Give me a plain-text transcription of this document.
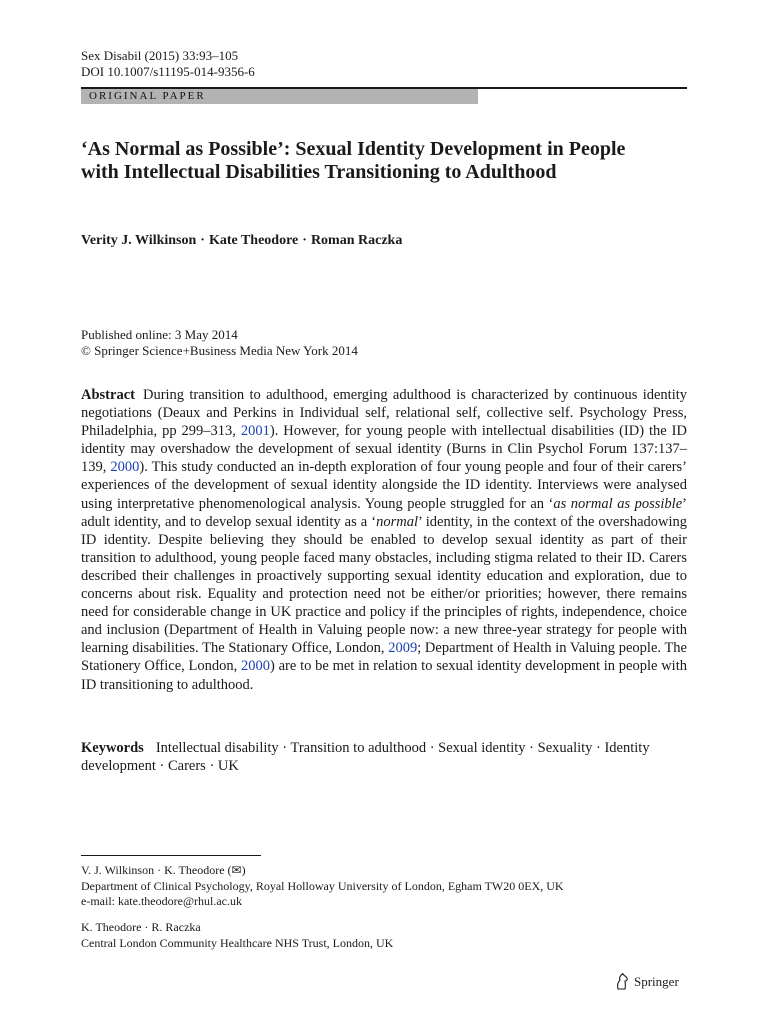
Sex Disabil (2015) 33:93–105
DOI 10.1007/s11195-014-9356-6
ORIGINAL PAPER
‘As Normal as Possible’: Sexual Identity Development in People with Intellectual Disabilities Transitioning to Adulthood
Verity J. Wilkinson · Kate Theodore · Roman Raczka
Published online: 3 May 2014
© Springer Science+Business Media New York 2014

Abstract During transition to adulthood, emerging adulthood is characterized by continuous identity negotiations (Deaux and Perkins in Individual self, relational self, collective self. Psychology Press, Philadelphia, pp 299–313, 2001). However, for young people with intellectual disabilities (ID) the ID identity may overshadow the development of sexual identity (Burns in Clin Psychol Forum 137:137–139, 2000). This study conducted an in-depth exploration of four young people and four of their carers’ experiences of the development of sexual identity alongside the ID identity. Interviews were analysed using interpretative phenomenological analysis. Young people struggled for an ‘as normal as possible’ adult identity, and to develop sexual identity as a ‘normal’ identity, in the context of the overshadowing ID identity. Despite believing they should be enabled to develop sexual identity as part of their transition to adulthood, young people faced many obstacles, including stigma related to their ID. Carers described their challenges in proactively supporting sexual identity education and exploration, due to concerns about risk. Equality and protection need not be either/or priorities; however, there remains need for considerable change in UK practice and policy if the principles of rights, independence, choice and inclusion (Department of Health in Valuing people now: a new three-year strategy for people with learning disabilities. The Stationary Office, London, 2009; Department of Health in Valuing people. The Stationery Office, London, 2000) are to be met in relation to sexual identity development in people with ID transitioning to adulthood.

Keywords Intellectual disability · Transition to adulthood · Sexual identity · Sexuality · Identity development · Carers · UK
V. J. Wilkinson · K. Theodore (✉)
Department of Clinical Psychology, Royal Holloway University of London, Egham TW20 0EX, UK
e-mail: kate.theodore@rhul.ac.uk
K. Theodore · R. Raczka
Central London Community Healthcare NHS Trust, London, UK
Springer
